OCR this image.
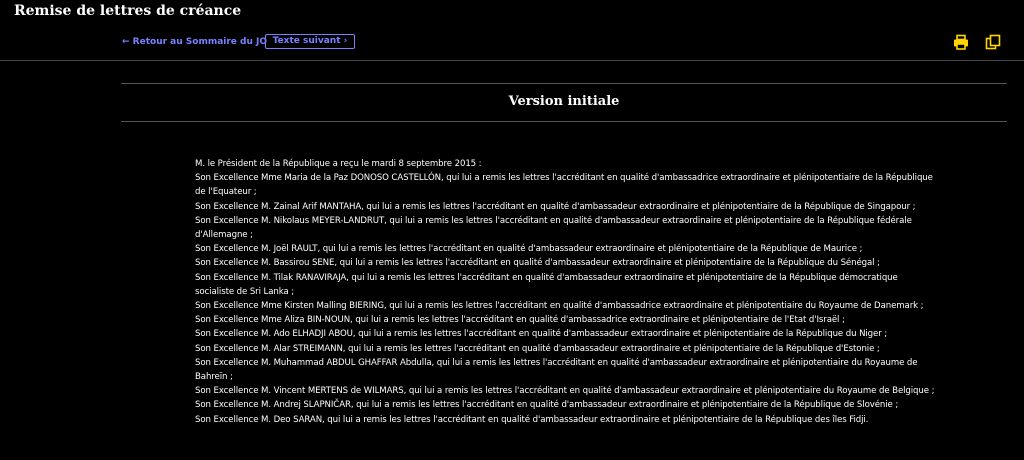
Remise de lettres de créance
← Retour au Sommaire du JO Texte suivant ›
Version initiale

M. le Président de la République a reçu le mardi 8 septembre 2015 :

Son Excellence Mme Maria de la Paz DONOSO CASTELLÓN, qui lui a remis les lettres l'accréditant en qualité d'ambassadrice extraordinaire et plénipotentiaire de la République de l'Equateur ;

Son Excellence M. Zainal Arif MANTAHA, qui lui a remis les lettres l'accréditant en qualité d'ambassadeur extraordinaire et plénipotentiaire de la République de Singapour ;

Son Excellence M. Nikolaus MEYER-LANDRUT, qui lui a remis les lettres l'accréditant en qualité d'ambassadeur extraordinaire et plénipotentiaire de la République fédérale d'Allemagne ;

Son Excellence M. Joël RAULT, qui lui a remis les lettres l'accréditant en qualité d'ambassadeur extraordinaire et plénipotentiaire de la République de Maurice ;

Son Excellence M. Bassirou SENE, qui lui a remis les lettres l'accréditant en qualité d'ambassadeur extraordinaire et plénipotentiaire de la République du Sénégal ;

Son Excellence M. Tilak RANAVIRAJA, qui lui a remis les lettres l'accréditant en qualité d'ambassadeur extraordinaire et plénipotentiaire de la République démocratique socialiste de Sri Lanka ;

Son Excellence Mme Kirsten Malling BIERING, qui lui a remis les lettres l'accréditant en qualité d'ambassadrice extraordinaire et plénipotentiaire du Royaume de Danemark ;

Son Excellence Mme Aliza BIN-NOUN, qui lui a remis les lettres l'accréditant en qualité d'ambassadrice extraordinaire et plénipotentiaire de l'Etat d'Israël ;

Son Excellence M. Ado ELHADJI ABOU, qui lui a remis les lettres l'accréditant en qualité d'ambassadeur extraordinaire et plénipotentiaire de la République du Niger ;

Son Excellence M. Alar STREIMANN, qui lui a remis les lettres l'accréditant en qualité d'ambassadeur extraordinaire et plénipotentiaire de la République d'Estonie ;

Son Excellence M. Muhammad ABDUL GHAFFAR Abdulla, qui lui a remis les lettres l'accréditant en qualité d'ambassadeur extraordinaire et plénipotentiaire du Royaume de Bahreïn ;

Son Excellence M. Vincent MERTENS de WILMARS, qui lui a remis les lettres l'accréditant en qualité d'ambassadeur extraordinaire et plénipotentiaire du Royaume de Belgique ;

Son Excellence M. Andrej SLAPNIČAR, qui lui a remis les lettres l'accréditant en qualité d'ambassadeur extraordinaire et plénipotentiaire de la République de Slovénie ;

Son Excellence M. Deo SARAN, qui lui a remis les lettres l'accréditant en qualité d'ambassadeur extraordinaire et plénipotentiaire de la République des îles Fidji.
